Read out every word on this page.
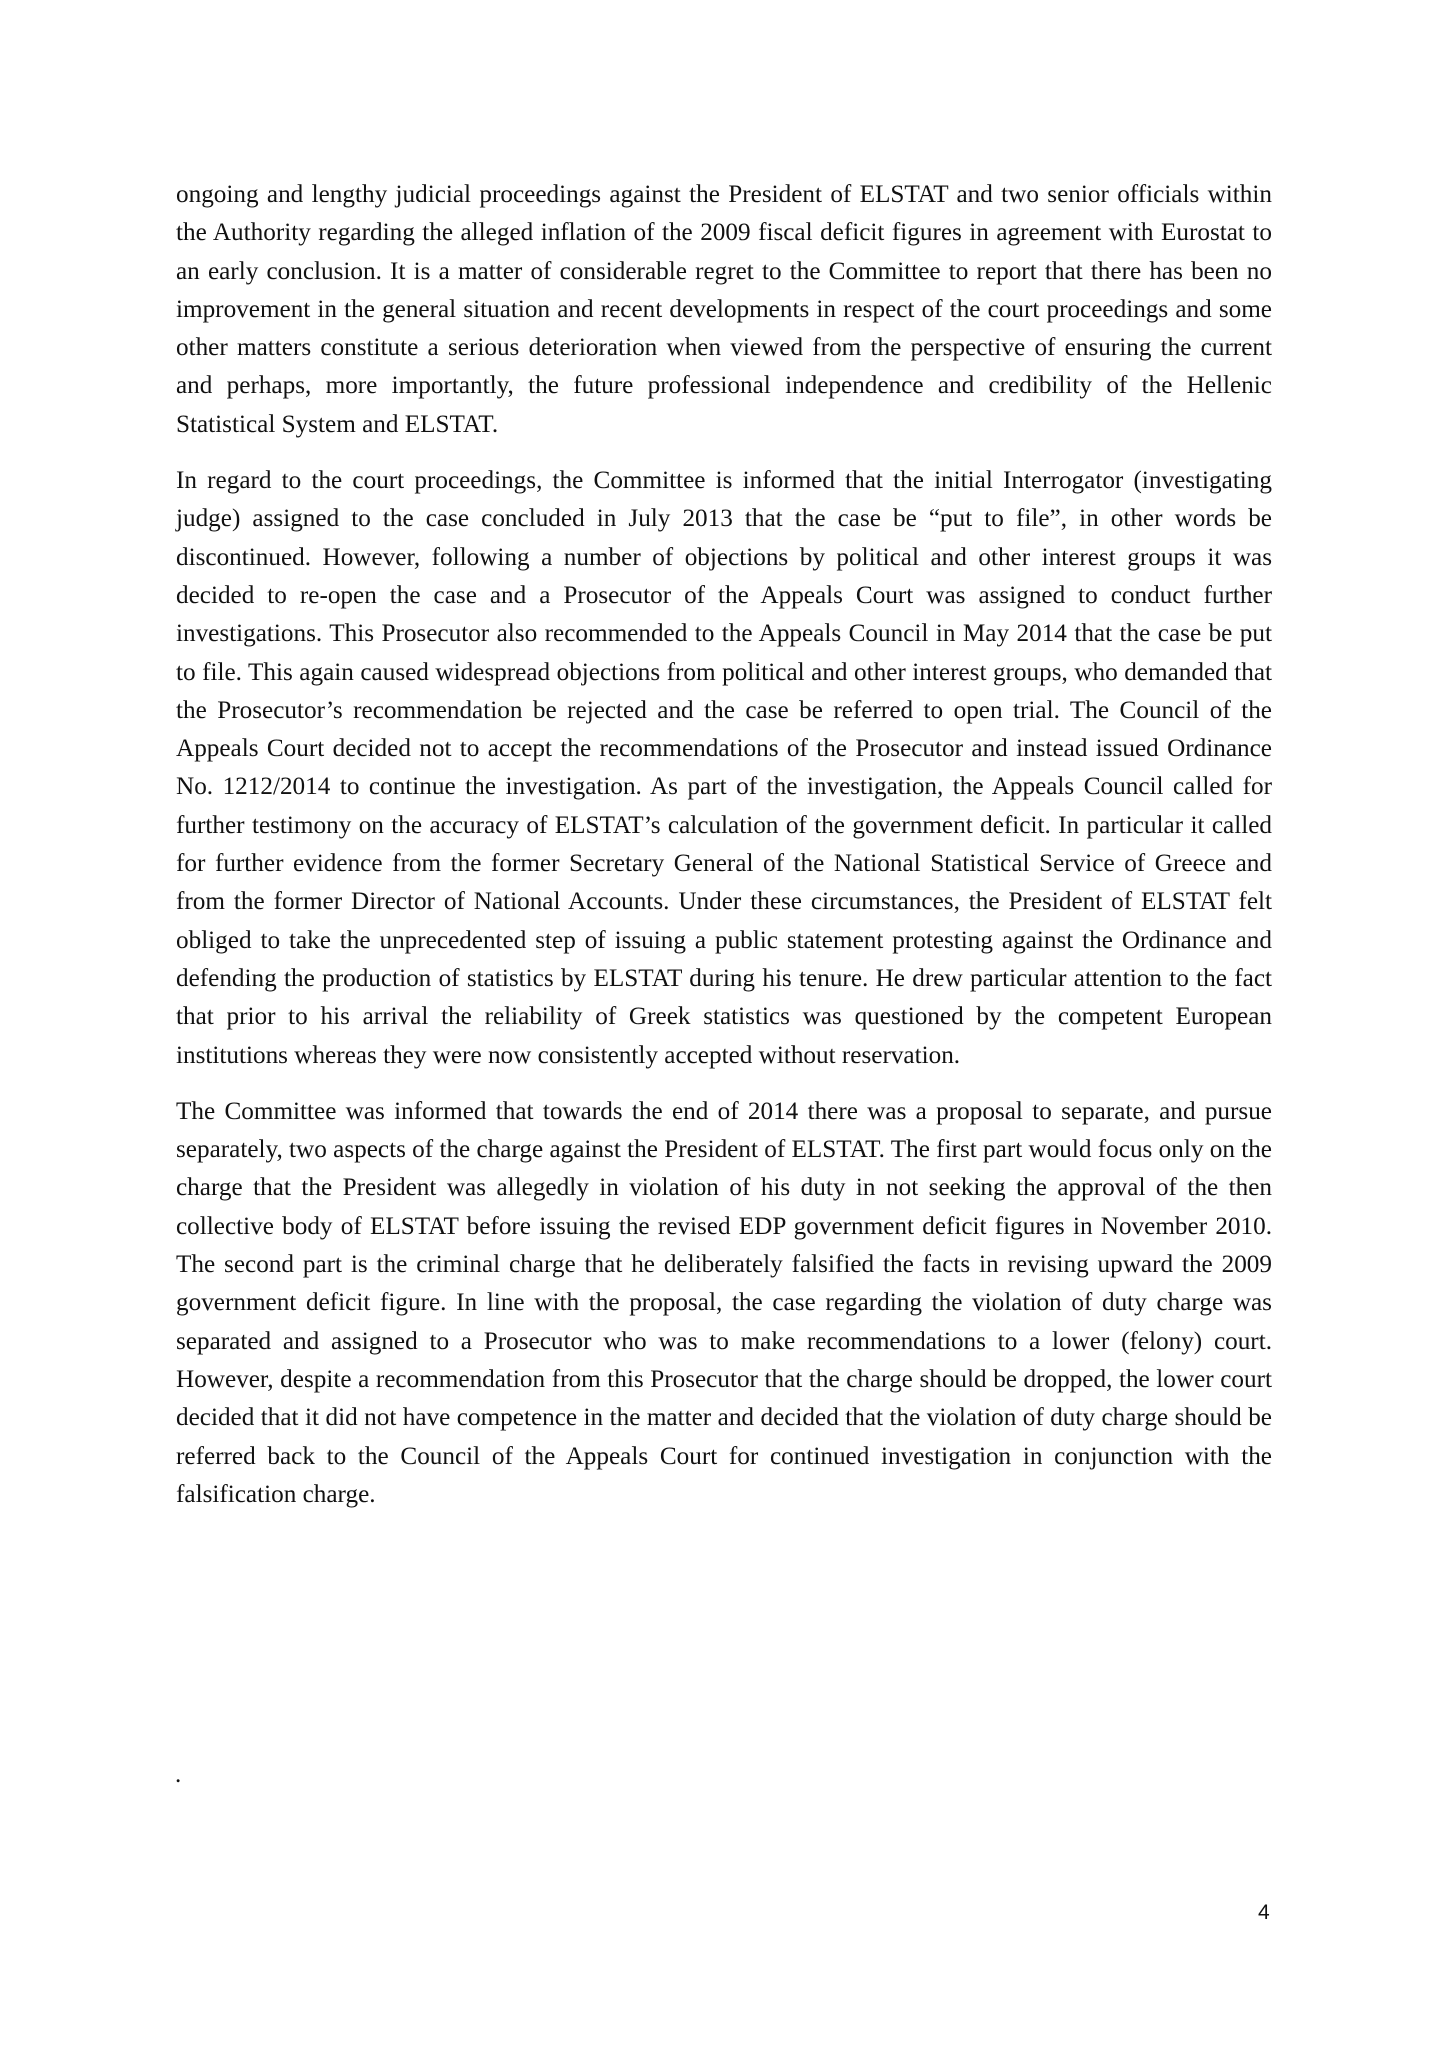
ongoing and lengthy judicial proceedings against the President of ELSTAT and two senior officials within the Authority regarding the alleged inflation of the 2009 fiscal deficit figures in agreement with Eurostat to an early conclusion. It is a matter of considerable regret to the Committee to report that there has been no improvement in the general situation and recent developments in respect of the court proceedings and some other matters constitute a serious deterioration when viewed from the perspective of ensuring the current and perhaps, more importantly, the future professional independence and credibility of the Hellenic Statistical System and ELSTAT.

In regard to the court proceedings, the Committee is informed that the initial Interrogator (investigating judge) assigned to the case concluded in July 2013 that the case be “put to file”, in other words be discontinued. However, following a number of objections by political and other interest groups it was decided to re-open the case and a Prosecutor of the Appeals Court was assigned to conduct further investigations. This Prosecutor also recommended to the Appeals Council in May 2014 that the case be put to file. This again caused widespread objections from political and other interest groups, who demanded that the Prosecutor’s recommendation be rejected and the case be referred to open trial. The Council of the Appeals Court decided not to accept the recommendations of the Prosecutor and instead issued Ordinance No. 1212/2014 to continue the investigation. As part of the investigation, the Appeals Council called for further testimony on the accuracy of ELSTAT’s calculation of the government deficit. In particular it called for further evidence from the former Secretary General of the National Statistical Service of Greece and from the former Director of National Accounts. Under these circumstances, the President of ELSTAT felt obliged to take the unprecedented step of issuing a public statement protesting against the Ordinance and defending the production of statistics by ELSTAT during his tenure. He drew particular attention to the fact that prior to his arrival the reliability of Greek statistics was questioned by the competent European institutions whereas they were now consistently accepted without reservation.

The Committee was informed that towards the end of 2014 there was a proposal to separate, and pursue separately, two aspects of the charge against the President of ELSTAT. The first part would focus only on the charge that the President was allegedly in violation of his duty in not seeking the approval of the then collective body of ELSTAT before issuing the revised EDP government deficit figures in November 2010. The second part is the criminal charge that he deliberately falsified the facts in revising upward the 2009 government deficit figure. In line with the proposal, the case regarding the violation of duty charge was separated and assigned to a Prosecutor who was to make recommendations to a lower (felony) court. However, despite a recommendation from this Prosecutor that the charge should be dropped, the lower court decided that it did not have competence in the matter and decided that the violation of duty charge should be referred back to the Council of the Appeals Court for continued investigation in conjunction with the falsification charge.

.
4
